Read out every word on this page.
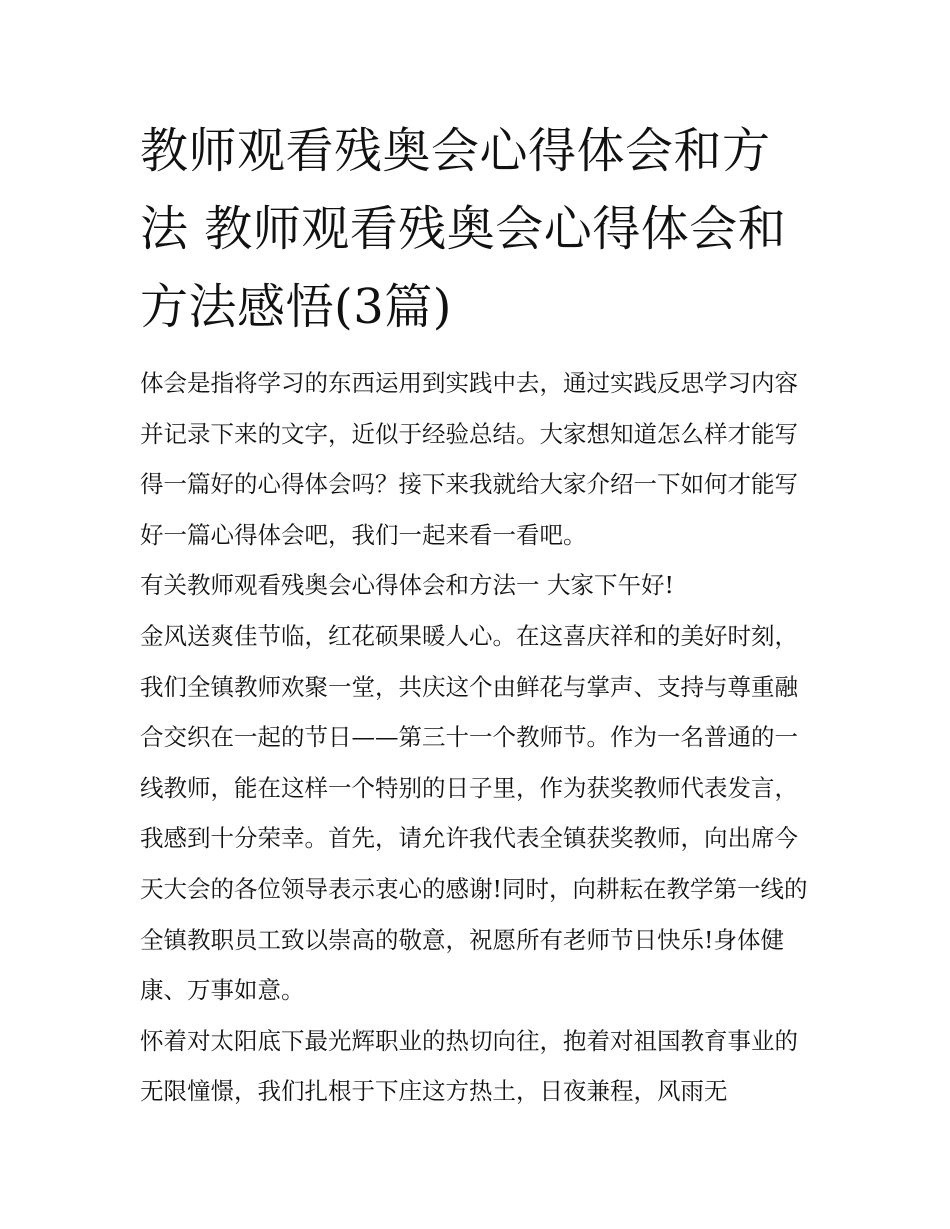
教师观看残奥会心得体会和方法 教师观看残奥会心得体会和方法感悟(3篇)

体会是指将学习的东西运用到实践中去，通过实践反思学习内容并记录下来的文字，近似于经验总结。大家想知道怎么样才能写得一篇好的心得体会吗？接下来我就给大家介绍一下如何才能写好一篇心得体会吧，我们一起来看一看吧。

有关教师观看残奥会心得体会和方法一 大家下午好!

金风送爽佳节临，红花硕果暖人心。在这喜庆祥和的美好时刻，我们全镇教师欢聚一堂，共庆这个由鲜花与掌声、支持与尊重融合交织在一起的节日——第三十一个教师节。作为一名普通的一线教师，能在这样一个特别的日子里，作为获奖教师代表发言，我感到十分荣幸。首先，请允许我代表全镇获奖教师，向出席今天大会的各位领导表示衷心的感谢!同时，向耕耘在教学第一线的全镇教职员工致以崇高的敬意，祝愿所有老师节日快乐!身体健康、万事如意。

怀着对太阳底下最光辉职业的热切向往，抱着对祖国教育事业的无限憧憬，我们扎根于下庄这方热土，日夜兼程，风雨无
